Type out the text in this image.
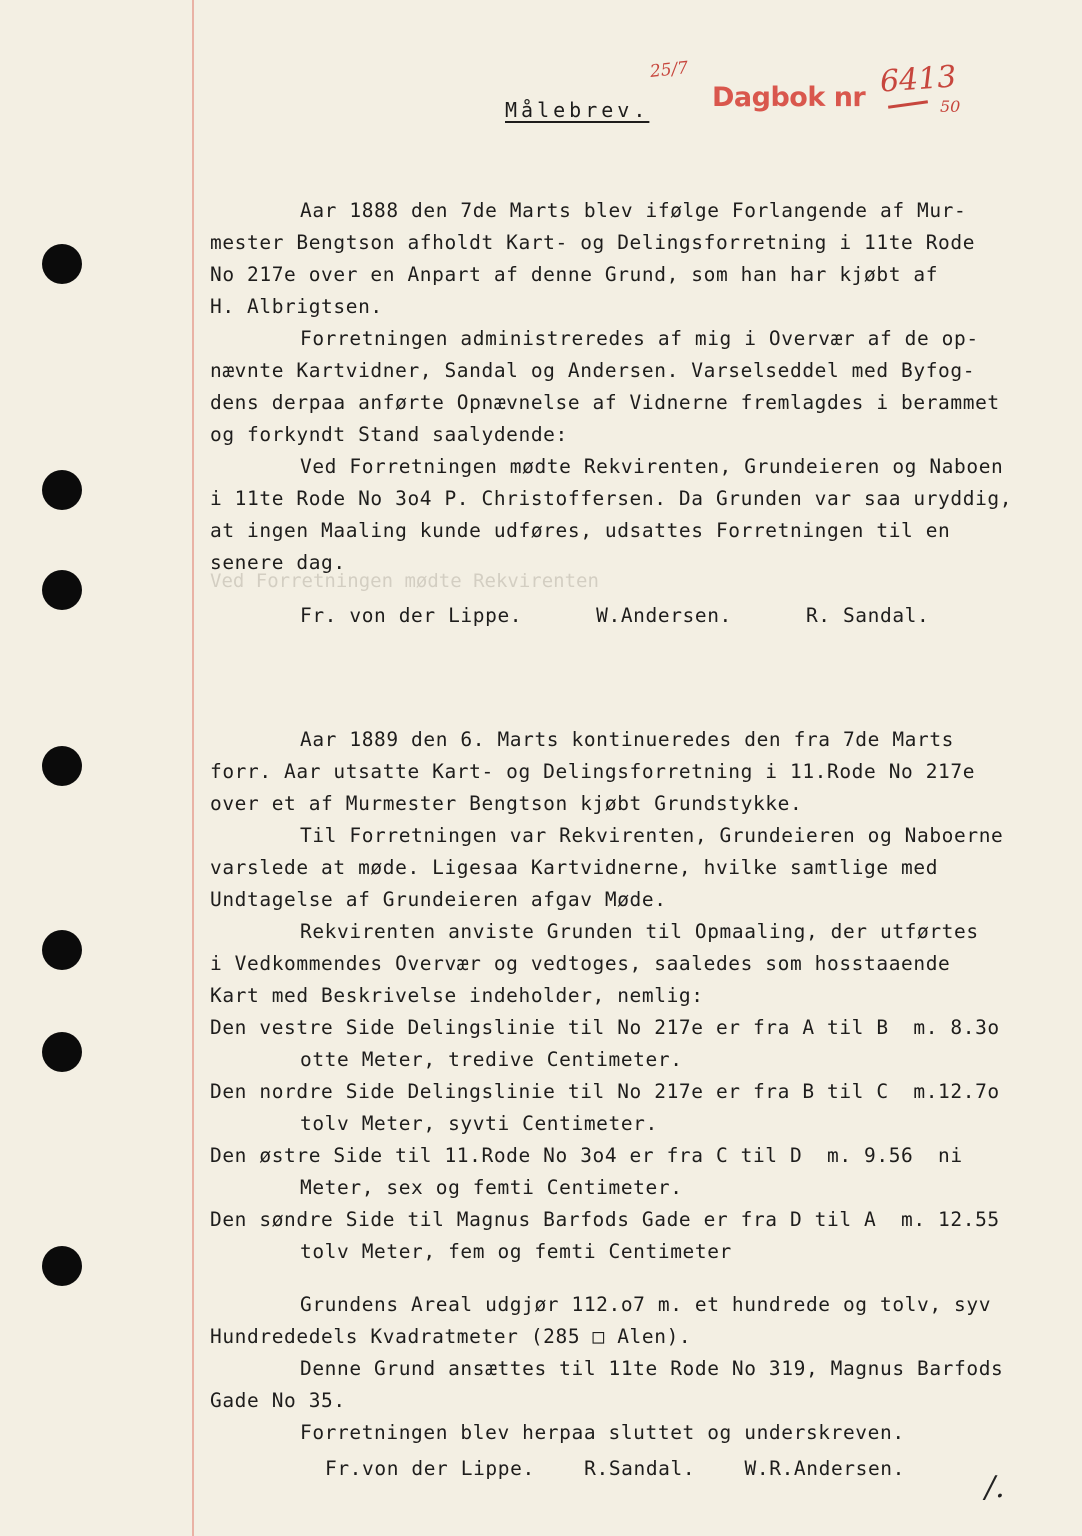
Målebrev. Dagbok nr
25/7	6413
50
Ved Forretningen mødte Rekvirenten
Aar 1888 den 7de Marts blev ifølge Forlangende af Mur-
mester Bengtson afholdt Kart- og Delingsforretning i 11te Rode
No 217e over en Anpart af denne Grund, som han har kjøbt af
H. Albrigtsen.
Forretningen administreredes af mig i Overvær af de op-
nævnte Kartvidner, Sandal og Andersen. Varselseddel med Byfog-
dens derpaa anførte Opnævnelse af Vidnerne fremlagdes i berammet
og forkyndt Stand saalydende:
Ved Forretningen mødte Rekvirenten, Grundeieren og Naboen
i 11te Rode No 3o4 P. Christoffersen. Da Grunden var saa uryddig,
at ingen Maaling kunde udføres, udsattes Forretningen til en
senere dag.
Fr. von der Lippe.      W.Andersen.      R. Sandal.
Aar 1889 den 6. Marts kontinueredes den fra 7de Marts
forr. Aar utsatte Kart- og Delingsforretning i 11.Rode No 217e
over et af Murmester Bengtson kjøbt Grundstykke.
Til Forretningen var Rekvirenten, Grundeieren og Naboerne
varslede at møde. Ligesaa Kartvidnerne, hvilke samtlige med
Undtagelse af Grundeieren afgav Møde.
Rekvirenten anviste Grunden til Opmaaling, der utførtes
i Vedkommendes Overvær og vedtoges, saaledes som hosstaaende
Kart med Beskrivelse indeholder, nemlig:
Den vestre Side Delingslinie til No 217e er fra A til B  m. 8.3o
otte Meter, tredive Centimeter.
Den nordre Side Delingslinie til No 217e er fra B til C  m.12.7o
tolv Meter, syvti Centimeter.
Den østre Side til 11.Rode No 3o4 er fra C til D  m. 9.56  ni
Meter, sex og femti Centimeter.
Den søndre Side til Magnus Barfods Gade er fra D til A  m. 12.55
tolv Meter, fem og femti Centimeter
Grundens Areal udgjør 112.o7 m. et hundrede og tolv, syv
Hundrededels Kvadratmeter (285 □ Alen).
Denne Grund ansættes til 11te Rode No 319, Magnus Barfods
Gade No 35.
Forretningen blev herpaa sluttet og underskreven.
Fr.von der Lippe.    R.Sandal.    W.R.Andersen.
/.
